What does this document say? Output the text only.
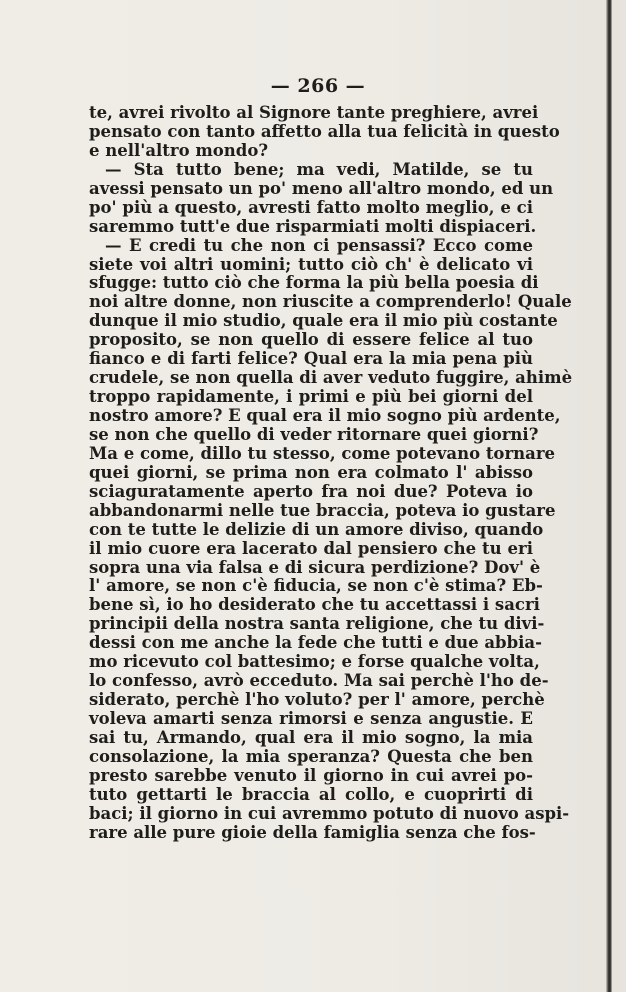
— 266 —
te, avrei rivolto al Signore tante preghiere, avrei
pensato con tanto affetto alla tua felicità in questo
e nell'altro mondo?
— Sta tutto bene; ma vedi, Matilde, se tu
avessi pensato un po' meno all'altro mondo, ed un
po' più a questo, avresti fatto molto meglio, e ci
saremmo tutt'e due risparmiati molti dispiaceri.
— E credi tu che non ci pensassi? Ecco come
siete voi altri uomini; tutto ciò ch' è delicato vi
sfugge: tutto ciò che forma la più bella poesia di
noi altre donne, non riuscite a comprenderlo! Quale
dunque il mio studio, quale era il mio più costante
proposito, se non quello di essere felice al tuo
fianco e di farti felice? Qual era la mia pena più
crudele, se non quella di aver veduto fuggire, ahimè
troppo rapidamente, i primi e più bei giorni del
nostro amore? E qual era il mio sogno più ardente,
se non che quello di veder ritornare quei giorni?
Ma e come, dillo tu stesso, come potevano tornare
quei giorni, se prima non era colmato l' abisso
sciaguratamente aperto fra noi due? Poteva io
abbandonarmi nelle tue braccia, poteva io gustare
con te tutte le delizie di un amore diviso, quando
il mio cuore era lacerato dal pensiero che tu eri
sopra una via falsa e di sicura perdizione? Dov' è
l' amore, se non c'è fiducia, se non c'è stima? Eb-
bene sì, io ho desiderato che tu accettassi i sacri
principii della nostra santa religione, che tu divi-
dessi con me anche la fede che tutti e due abbia-
mo ricevuto col battesimo; e forse qualche volta,
lo confesso, avrò ecceduto. Ma sai perchè l'ho de-
siderato, perchè l'ho voluto? per l' amore, perchè
voleva amarti senza rimorsi e senza angustie. E
sai tu, Armando, qual era il mio sogno, la mia
consolazione, la mia speranza? Questa che ben
presto sarebbe venuto il giorno in cui avrei po-
tuto gettarti le braccia al collo, e cuoprirti di
baci; il giorno in cui avremmo potuto di nuovo aspi-
rare alle pure gioie della famiglia senza che fos-
